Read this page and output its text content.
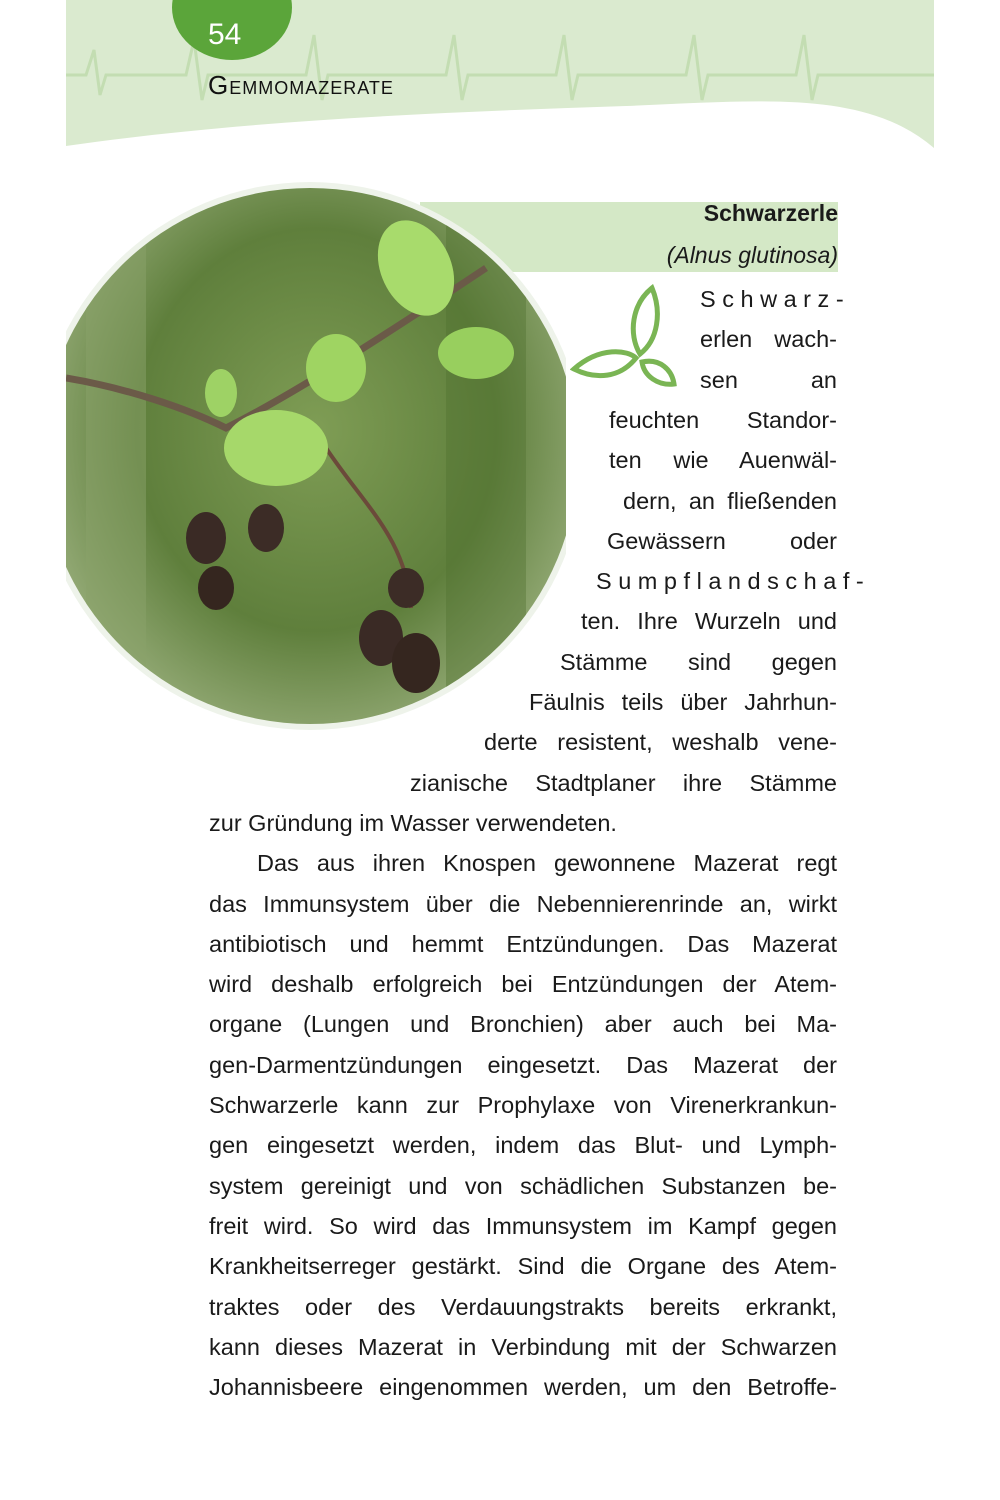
54
Gemmomazerate
Schwarzerle
(Alnus glutinosa)
S c h w a r z -
erlen wach-
sen an
feuchten Standor-
ten wie Auenwäl-
dern, an fließenden
Gewässern oder
S u m p f l a n d s c h a f -
ten. Ihre Wurzeln und
Stämme sind gegen
Fäulnis teils über Jahrhun-
derte resistent, weshalb vene-
zianische Stadtplaner ihre Stämme
zur Gründung im Wasser verwendeten.
Das aus ihren Knospen gewonnene Mazerat regt
das Immunsystem über die Nebennierenrinde an, wirkt
antibiotisch und hemmt Entzündungen. Das Mazerat
wird deshalb erfolgreich bei Entzündungen der Atem-
organe (Lungen und Bronchien) aber auch bei Ma-
gen-Darmentzündungen eingesetzt. Das Mazerat der
Schwarzerle kann zur Prophylaxe von Virenerkrankun-
gen eingesetzt werden, indem das Blut- und Lymph-
system gereinigt und von schädlichen Substanzen be-
freit wird. So wird das Immunsystem im Kampf gegen
Krankheitserreger gestärkt. Sind die Organe des Atem-
traktes oder des Verdauungstrakts bereits erkrankt,
kann dieses Mazerat in Verbindung mit der Schwarzen
Johannisbeere eingenommen werden, um den Betroffe-
